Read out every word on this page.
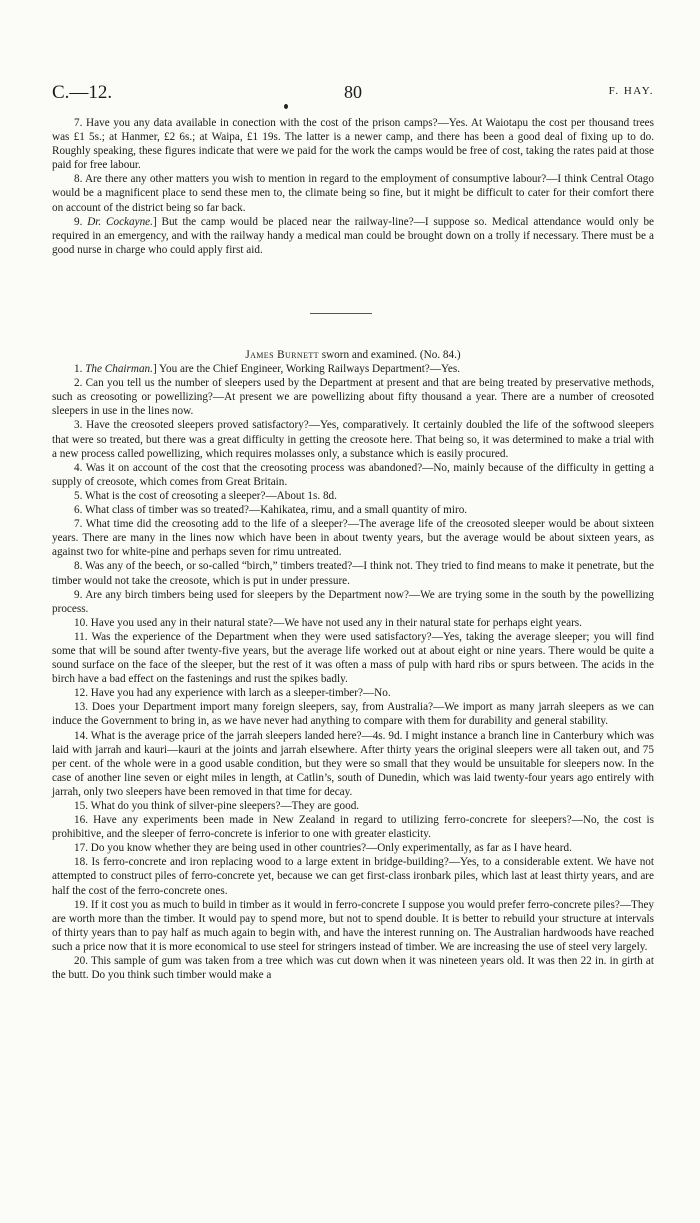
C.—12.	80	F. HAY.

7. Have you any data available in conection with the cost of the prison camps?—Yes. At Waiotapu the cost per thousand trees was £1 5s.; at Hanmer, £2 6s.; at Waipa, £1 19s. The latter is a newer camp, and there has been a good deal of fixing up to do. Roughly speaking, these figures indicate that were we paid for the work the camps would be free of cost, taking the rates paid at those paid for free labour.

8. Are there any other matters you wish to mention in regard to the employment of consumptive labour?—I think Central Otago would be a magnificent place to send these men to, the climate being so fine, but it might be difficult to cater for their comfort there on account of the district being so far back.

9. Dr. Cockayne.] But the camp would be placed near the railway-line?—I suppose so. Medical attendance would only be required in an emergency, and with the railway handy a medical man could be brought down on a trolly if necessary. There must be a good nurse in charge who could apply first aid.

James Burnett sworn and examined. (No. 84.)

1. The Chairman.] You are the Chief Engineer, Working Railways Department?—Yes.

2. Can you tell us the number of sleepers used by the Department at present and that are being treated by preservative methods, such as creosoting or powellizing?—At present we are powellizing about fifty thousand a year. There are a number of creosoted sleepers in use in the lines now.

3. Have the creosoted sleepers proved satisfactory?—Yes, comparatively. It certainly doubled the life of the softwood sleepers that were so treated, but there was a great difficulty in getting the creosote here. That being so, it was determined to make a trial with a new process called powellizing, which requires molasses only, a substance which is easily procured.

4. Was it on account of the cost that the creosoting process was abandoned?—No, mainly because of the difficulty in getting a supply of creosote, which comes from Great Britain.

5. What is the cost of creosoting a sleeper?—About 1s. 8d.

6. What class of timber was so treated?—Kahikatea, rimu, and a small quantity of miro.

7. What time did the creosoting add to the life of a sleeper?—The average life of the creosoted sleeper would be about sixteen years. There are many in the lines now which have been in about twenty years, but the average would be about sixteen years, as against two for white-pine and perhaps seven for rimu untreated.

8. Was any of the beech, or so-called “birch,” timbers treated?—I think not. They tried to find means to make it penetrate, but the timber would not take the creosote, which is put in under pressure.

9. Are any birch timbers being used for sleepers by the Department now?—We are trying some in the south by the powellizing process.

10. Have you used any in their natural state?—We have not used any in their natural state for perhaps eight years.

11. Was the experience of the Department when they were used satisfactory?—Yes, taking the average sleeper; you will find some that will be sound after twenty-five years, but the average life worked out at about eight or nine years. There would be quite a sound surface on the face of the sleeper, but the rest of it was often a mass of pulp with hard ribs or spurs between. The acids in the birch have a bad effect on the fastenings and rust the spikes badly.

12. Have you had any experience with larch as a sleeper-timber?—No.

13. Does your Department import many foreign sleepers, say, from Australia?—We import as many jarrah sleepers as we can induce the Government to bring in, as we have never had anything to compare with them for durability and general stability.

14. What is the average price of the jarrah sleepers landed here?—4s. 9d. I might instance a branch line in Canterbury which was laid with jarrah and kauri—kauri at the joints and jarrah elsewhere. After thirty years the original sleepers were all taken out, and 75 per cent. of the whole were in a good usable condition, but they were so small that they would be unsuitable for sleepers now. In the case of another line seven or eight miles in length, at Catlin’s, south of Dunedin, which was laid twenty-four years ago entirely with jarrah, only two sleepers have been removed in that time for decay.

15. What do you think of silver-pine sleepers?—They are good.

16. Have any experiments been made in New Zealand in regard to utilizing ferro-concrete for sleepers?—No, the cost is prohibitive, and the sleeper of ferro-concrete is inferior to one with greater elasticity.

17. Do you know whether they are being used in other countries?—Only experimentally, as far as I have heard.

18. Is ferro-concrete and iron replacing wood to a large extent in bridge-building?—Yes, to a considerable extent. We have not attempted to construct piles of ferro-concrete yet, because we can get first-class ironbark piles, which last at least thirty years, and are half the cost of the ferro-concrete ones.

19. If it cost you as much to build in timber as it would in ferro-concrete I suppose you would prefer ferro-concrete piles?—They are worth more than the timber. It would pay to spend more, but not to spend double. It is better to rebuild your structure at intervals of thirty years than to pay half as much again to begin with, and have the interest running on. The Australian hardwoods have reached such a price now that it is more economical to use steel for stringers instead of timber. We are increasing the use of steel very largely.

20. This sample of gum was taken from a tree which was cut down when it was nineteen years old. It was then 22 in. in girth at the butt. Do you think such timber would make a
